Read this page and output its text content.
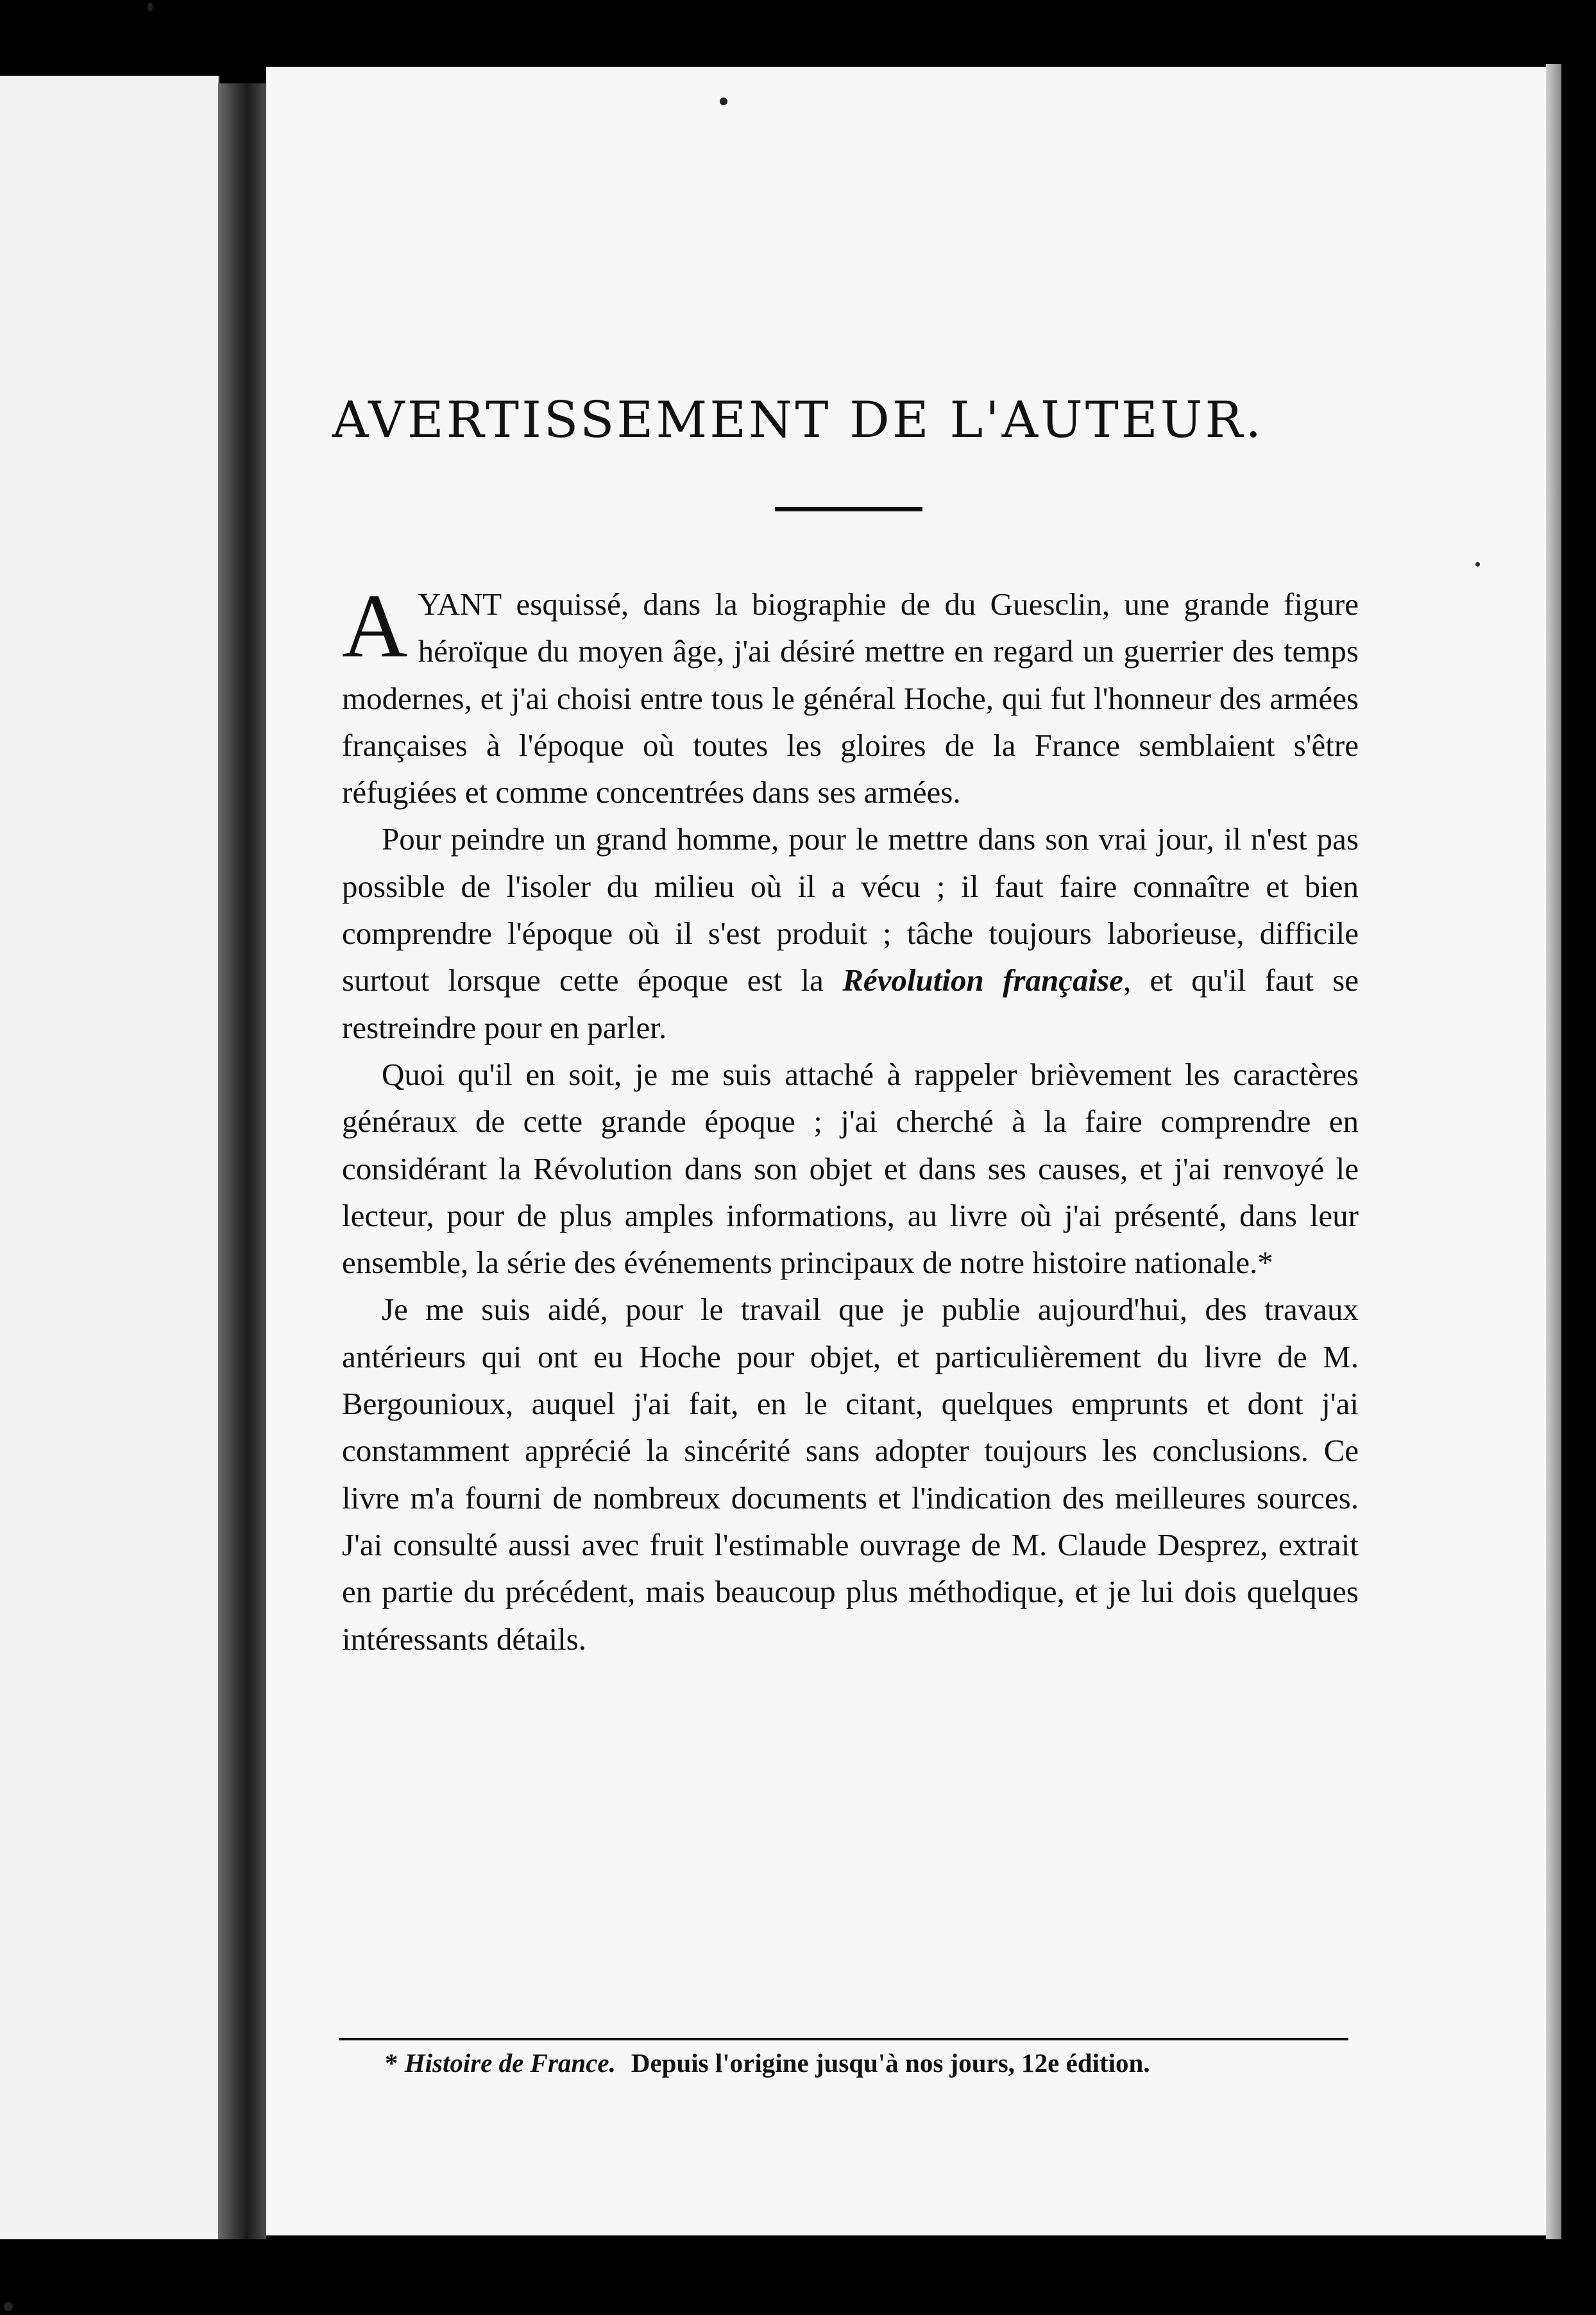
AVERTISSEMENT DE L'AUTEUR.

AYANT esquissé, dans la biographie de du Guesclin, une grande figure héroïque du moyen âge, j'ai désiré mettre en regard un guerrier des temps modernes, et j'ai choisi entre tous le général Hoche, qui fut l'honneur des armées françaises à l'époque où toutes les gloires de la France semblaient s'être réfugiées et comme concentrées dans ses armées.

Pour peindre un grand homme, pour le mettre dans son vrai jour, il n'est pas possible de l'isoler du milieu où il a vécu ; il faut faire connaître et bien comprendre l'époque où il s'est produit ; tâche toujours laborieuse, difficile surtout lorsque cette époque est la Révolution française, et qu'il faut se restreindre pour en parler.

Quoi qu'il en soit, je me suis attaché à rappeler brièvement les caractères généraux de cette grande époque ; j'ai cherché à la faire comprendre en considérant la Révolution dans son objet et dans ses causes, et j'ai renvoyé le lecteur, pour de plus amples informations, au livre où j'ai présenté, dans leur ensemble, la série des événements principaux de notre histoire nationale.*

Je me suis aidé, pour le travail que je publie aujourd'hui, des travaux antérieurs qui ont eu Hoche pour objet, et particulièrement du livre de M. Bergounioux, auquel j'ai fait, en le citant, quelques emprunts et dont j'ai constamment apprécié la sincérité sans adopter toujours les conclusions. Ce livre m'a fourni de nombreux documents et l'indication des meilleures sources. J'ai consulté aussi avec fruit l'estimable ouvrage de M. Claude Desprez, extrait en partie du précédent, mais beaucoup plus méthodique, et je lui dois quelques intéressants détails.

* Histoire de France. Depuis l'origine jusqu'à nos jours, 12e édition.
